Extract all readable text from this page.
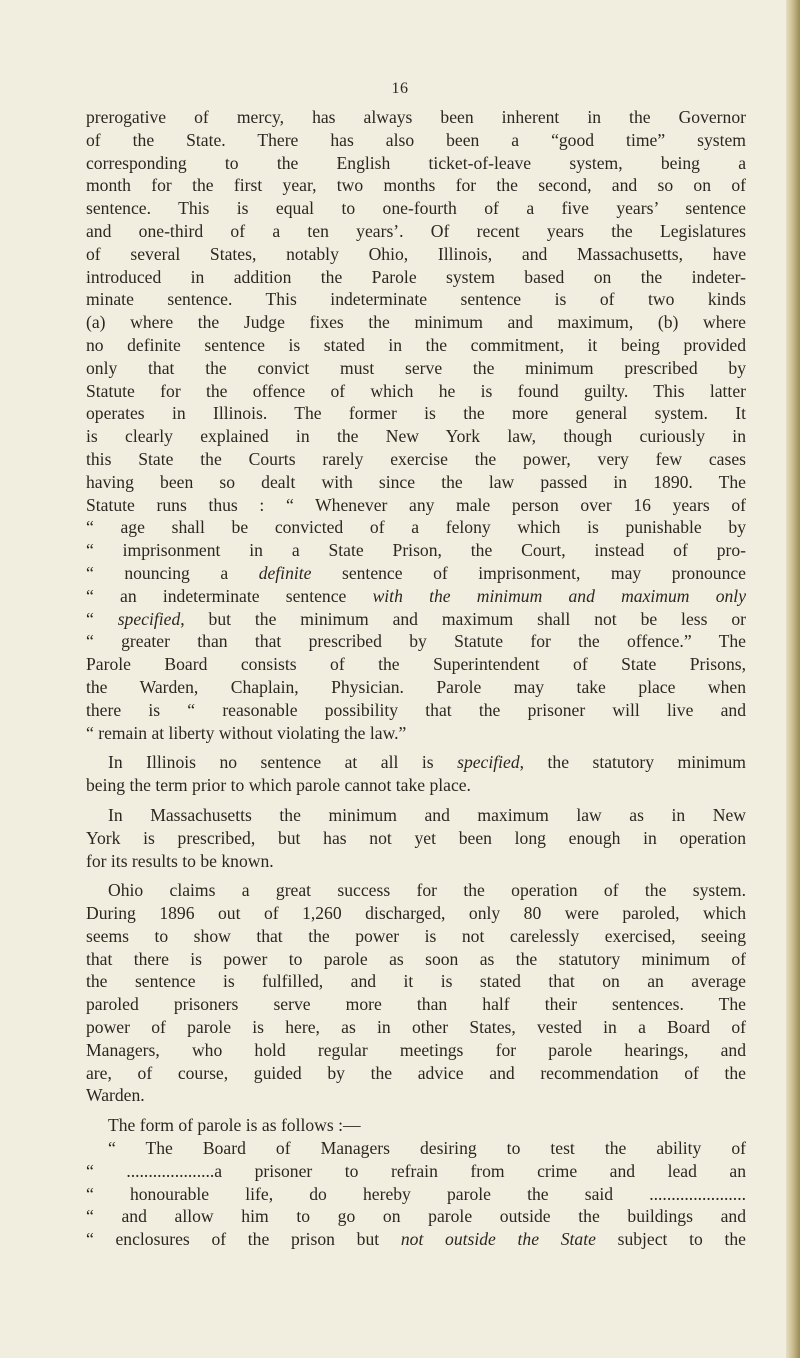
16

prerogative of mercy, has always been inherent in the Governor
of the State. There has also been a “good time” system
corresponding to the English ticket-of-leave system, being a
month for the first year, two months for the second, and so on of
sentence. This is equal to one-fourth of a five years’ sentence
and one-third of a ten years’. Of recent years the Legislatures
of several States, notably Ohio, Illinois, and Massachusetts, have
introduced in addition the Parole system based on the indeter-
minate sentence. This indeterminate sentence is of two kinds
(a) where the Judge fixes the minimum and maximum, (b) where
no definite sentence is stated in the commitment, it being provided
only that the convict must serve the minimum prescribed by
Statute for the offence of which he is found guilty. This latter
operates in Illinois. The former is the more general system. It
is clearly explained in the New York law, though curiously in
this State the Courts rarely exercise the power, very few cases
having been so dealt with since the law passed in 1890. The
Statute runs thus : “ Whenever any male person over 16 years of
“ age shall be convicted of a felony which is punishable by
“ imprisonment in a State Prison, the Court, instead of pro-
“ nouncing a definite sentence of imprisonment, may pronounce
“ an indeterminate sentence with the minimum and maximum only
“ specified, but the minimum and maximum shall not be less or
“ greater than that prescribed by Statute for the offence.” The
Parole Board consists of the Superintendent of State Prisons,
the Warden, Chaplain, Physician. Parole may take place when
there is “ reasonable possibility that the prisoner will live and
“ remain at liberty without violating the law.”

In Illinois no sentence at all is specified, the statutory minimum
being the term prior to which parole cannot take place.

In Massachusetts the minimum and maximum law as in New
York is prescribed, but has not yet been long enough in operation
for its results to be known.

Ohio claims a great success for the operation of the system.
During 1896 out of 1,260 discharged, only 80 were paroled, which
seems to show that the power is not carelessly exercised, seeing
that there is power to parole as soon as the statutory minimum of
the sentence is fulfilled, and it is stated that on an average
paroled prisoners serve more than half their sentences. The
power of parole is here, as in other States, vested in a Board of
Managers, who hold regular meetings for parole hearings, and
are, of course, guided by the advice and recommendation of the
Warden.

The form of parole is as follows :—
“ The Board of Managers desiring to test the ability of
“ ....................a prisoner to refrain from crime and lead an
“ honourable life, do hereby parole the said ......................
“ and allow him to go on parole outside the buildings and
“ enclosures of the prison but not outside the State subject to the
